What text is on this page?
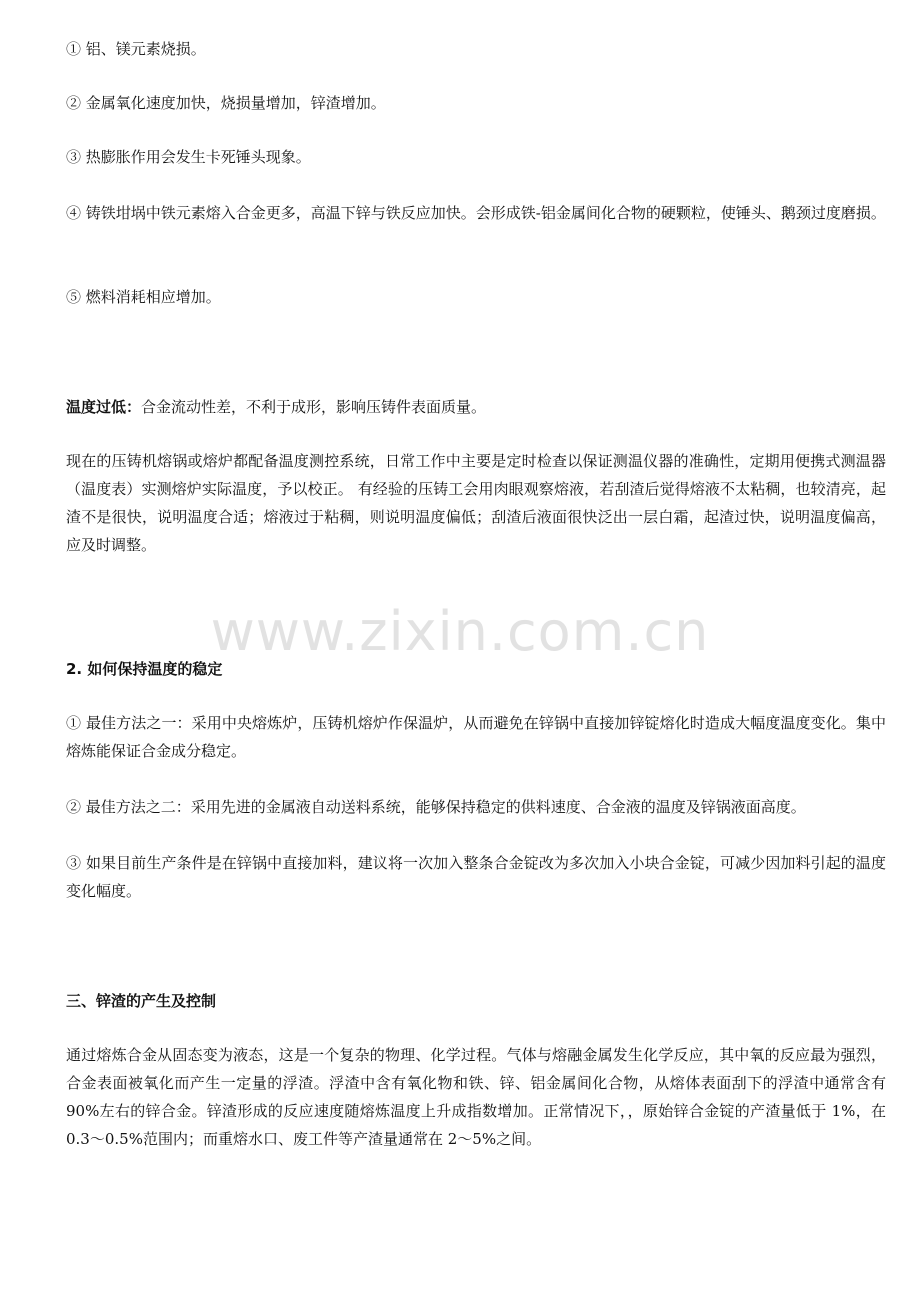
① 铝、镁元素烧损。

② 金属氧化速度加快，烧损量增加，锌渣增加。

③ 热膨胀作用会发生卡死锤头现象。

④ 铸铁坩埚中铁元素熔入合金更多，高温下锌与铁反应加快。会形成铁-铝金属间化合物的硬颗粒，使锤头、鹅颈过度磨损。

⑤ 燃料消耗相应增加。

温度过低：合金流动性差，不利于成形，影响压铸件表面质量。

现在的压铸机熔锅或熔炉都配备温度测控系统，日常工作中主要是定时检查以保证测温仪器的准确性，定期用便携式测温器（温度表）实测熔炉实际温度，予以校正。 有经验的压铸工会用肉眼观察熔液，若刮渣后觉得熔液不太粘稠，也较清亮，起渣不是很快，说明温度合适；熔液过于粘稠，则说明温度偏低；刮渣后液面很快泛出一层白霜，起渣过快，说明温度偏高，应及时调整。

www.zixin.com.cn

2. 如何保持温度的稳定

① 最佳方法之一：采用中央熔炼炉，压铸机熔炉作保温炉，从而避免在锌锅中直接加锌锭熔化时造成大幅度温度变化。集中熔炼能保证合金成分稳定。

② 最佳方法之二：采用先进的金属液自动送料系统，能够保持稳定的供料速度、合金液的温度及锌锅液面高度。

③ 如果目前生产条件是在锌锅中直接加料，建议将一次加入整条合金锭改为多次加入小块合金锭，可减少因加料引起的温度变化幅度。

三、锌渣的产生及控制

通过熔炼合金从固态变为液态，这是一个复杂的物理、化学过程。气体与熔融金属发生化学反应，其中氧的反应最为强烈，合金表面被氧化而产生一定量的浮渣。浮渣中含有氧化物和铁、锌、铝金属间化合物，从熔体表面刮下的浮渣中通常含有 90%左右的锌合金。锌渣形成的反应速度随熔炼温度上升成指数增加。正常情况下，，原始锌合金锭的产渣量低于 1%，在 0.3～0.5%范围内；而重熔水口、废工件等产渣量通常在 2～5%之间。
